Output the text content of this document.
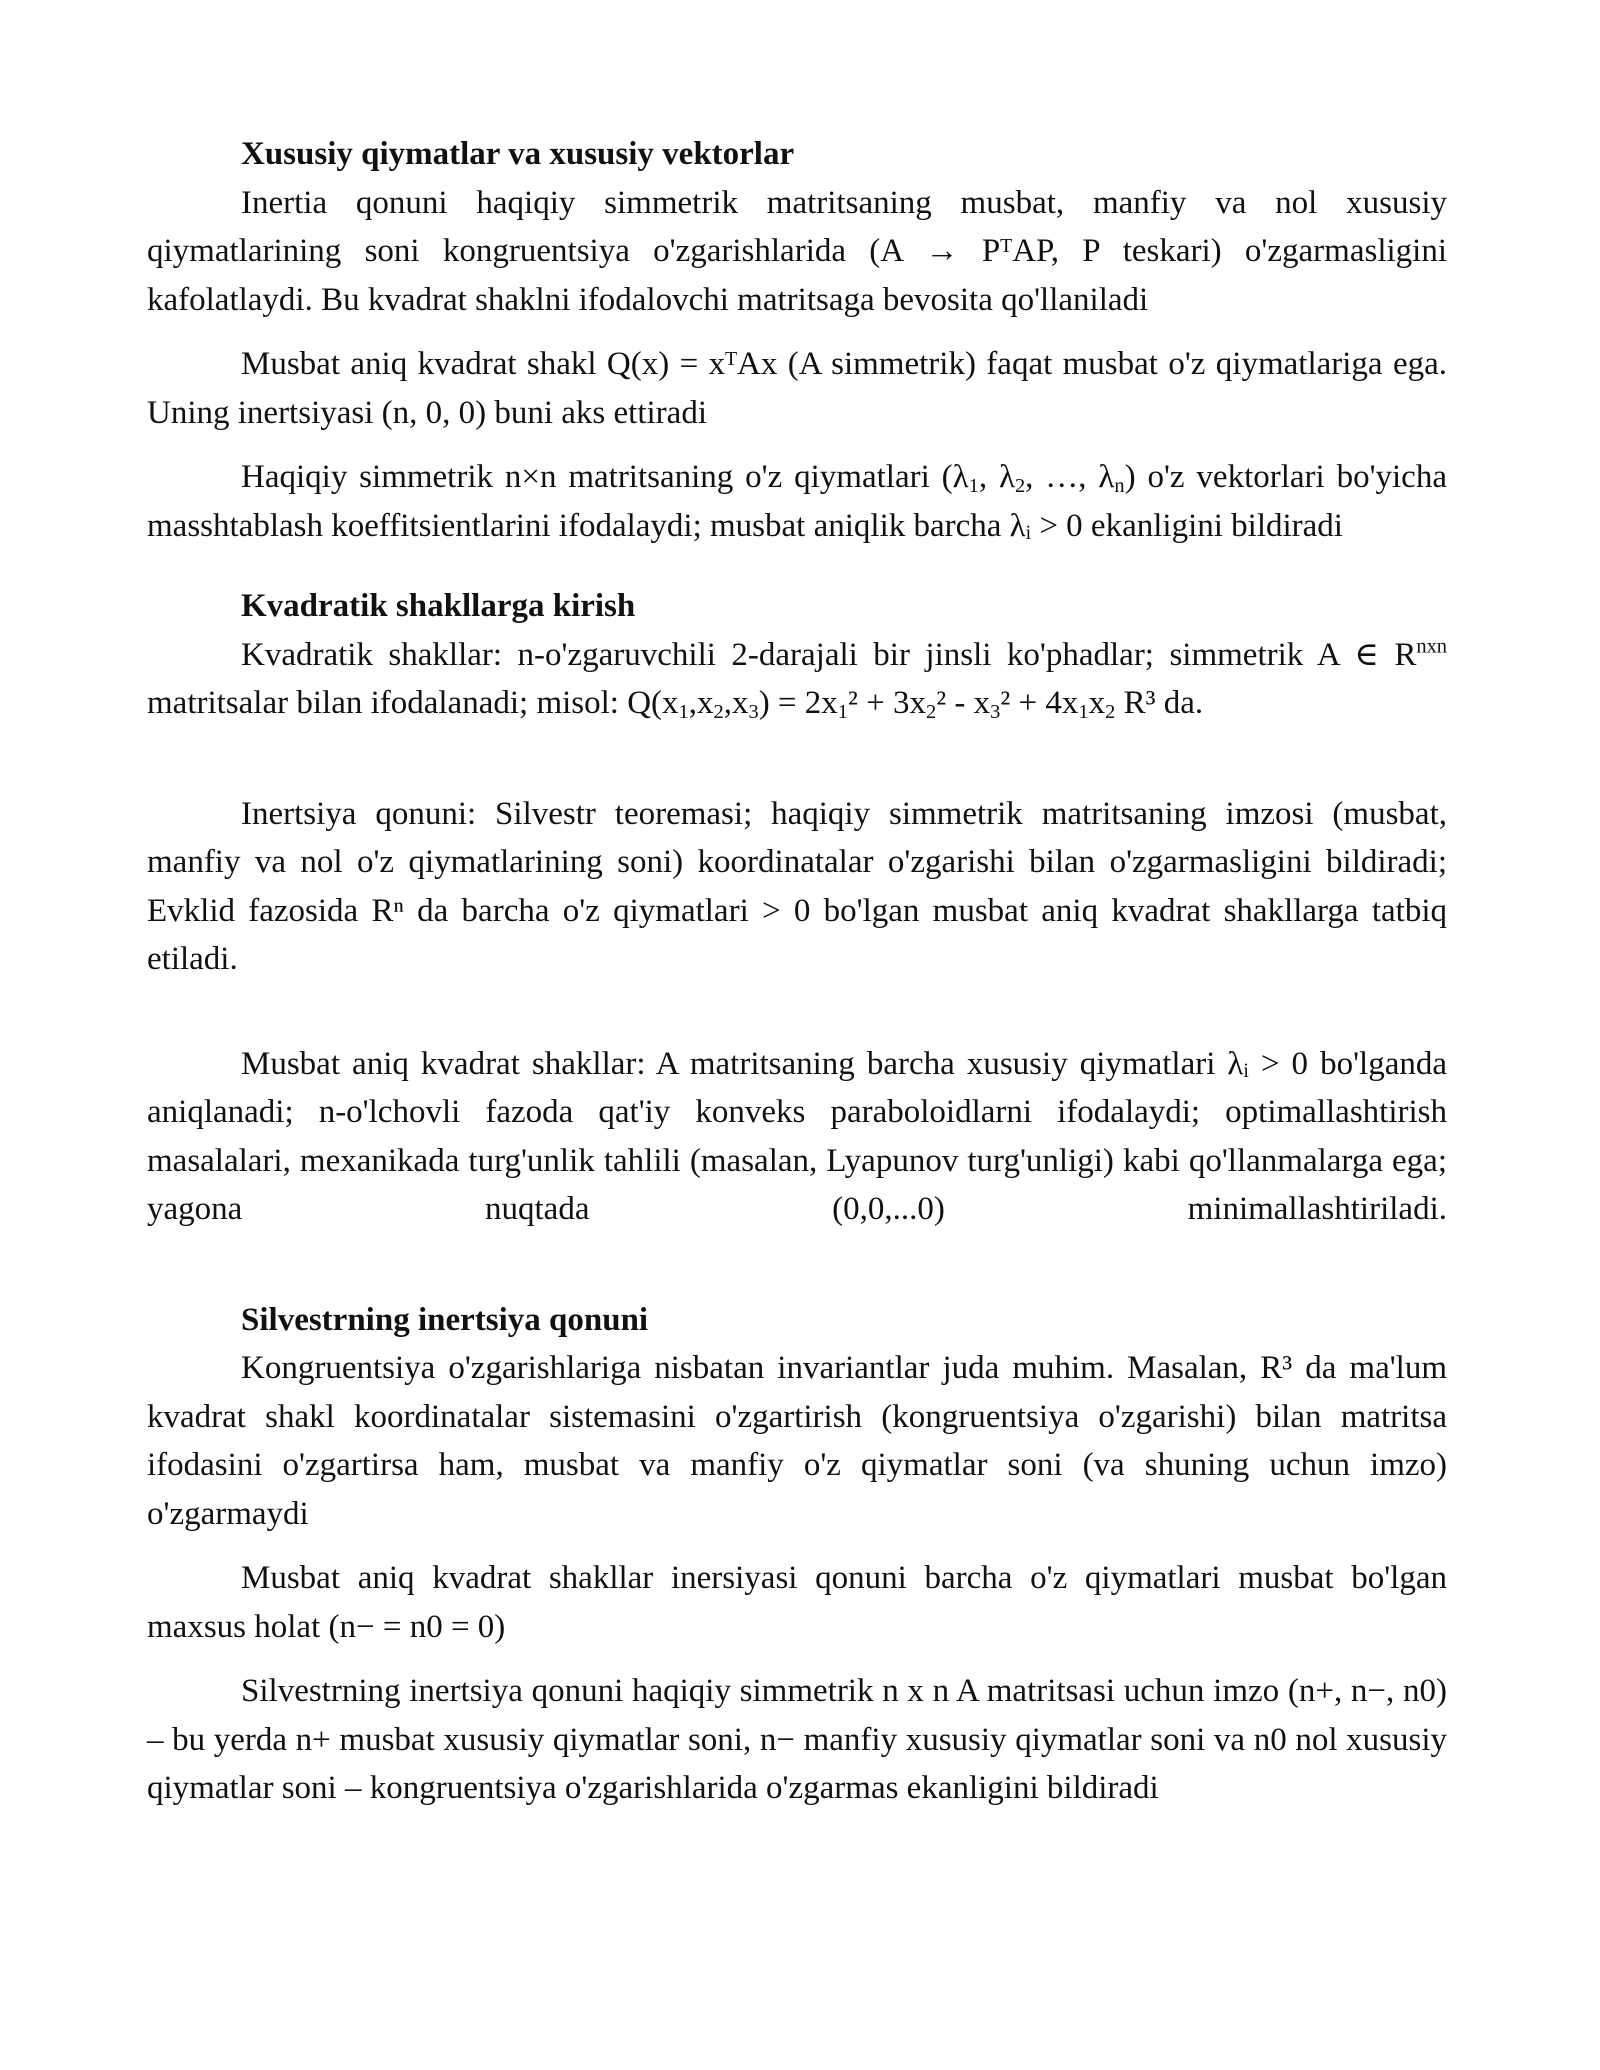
Xususiy qiymatlar va xususiy vektorlar

Inertia qonuni haqiqiy simmetrik matritsaning musbat, manfiy va nol xususiy qiymatlarining soni kongruentsiya o'zgarishlarida (A → PᵀAP, P teskari) o'zgarmasligini kafolatlaydi. Bu kvadrat shaklni ifodalovchi matritsaga bevosita qo'llaniladi

Musbat aniq kvadrat shakl Q(x) = xᵀAx (A simmetrik) faqat musbat o'z qiymatlariga ega. Uning inertsiyasi (n, 0, 0) buni aks ettiradi

Haqiqiy simmetrik n×n matritsaning o'z qiymatlari ($\lambda_1$, $\lambda_2$, …, $\lambda_n$) o'z vektorlari bo'yicha masshtablash koeffitsientlarini ifodalaydi; musbat aniqlik barcha λᵢ > 0 ekanligini bildiradi

Kvadratik shakllarga kirish

Kvadratik shakllar: n-o'zgaruvchili 2-darajali bir jinsli ko'phadlar; simmetrik A ∈ $R^{nxn}$ matritsalar bilan ifodalanadi; misol: $Q(x_1,x_2,x_3) = 2x_1^2 + 3x_2^2 - x_3^2 + 4x_1x_2$ R³ da.

Inertsiya qonuni: Silvestr teoremasi; haqiqiy simmetrik matritsaning imzosi (musbat, manfiy va nol o'z qiymatlarining soni) koordinatalar o'zgarishi bilan o'zgarmasligini bildiradi; Evklid fazosida Rⁿ da barcha o'z qiymatlari > 0 bo'lgan musbat aniq kvadrat shakllarga tatbiq etiladi.

Musbat aniq kvadrat shakllar: A matritsaning barcha xususiy qiymatlari λᵢ > 0 bo'lganda aniqlanadi; n-o'lchovli fazoda qat'iy konveks paraboloidlarni ifodalaydi; optimallashtirish masalalari, mexanikada turg'unlik tahlili (masalan, Lyapunov turg'unligi) kabi qo'llanmalarga ega; yagona nuqtada (0,0,...0) minimallashtiriladi.

Silvestrning inertsiya qonuni

Kongruentsiya o'zgarishlariga nisbatan invariantlar juda muhim. Masalan, R³ da ma'lum kvadrat shakl koordinatalar sistemasini o'zgartirish (kongruentsiya o'zgarishi) bilan matritsa ifodasini o'zgartirsa ham, musbat va manfiy o'z qiymatlar soni (va shuning uchun imzo) o'zgarmaydi

Musbat aniq kvadrat shakllar inersiyasi qonuni barcha o'z qiymatlari musbat bo'lgan maxsus holat (n− = n0 = 0)

Silvestrning inertsiya qonuni haqiqiy simmetrik n x n A matritsasi uchun imzo (n+, n−, n0) – bu yerda n+ musbat xususiy qiymatlar soni, n− manfiy xususiy qiymatlar soni va n0 nol xususiy qiymatlar soni – kongruentsiya o'zgarishlarida o'zgarmas ekanligini bildiradi
